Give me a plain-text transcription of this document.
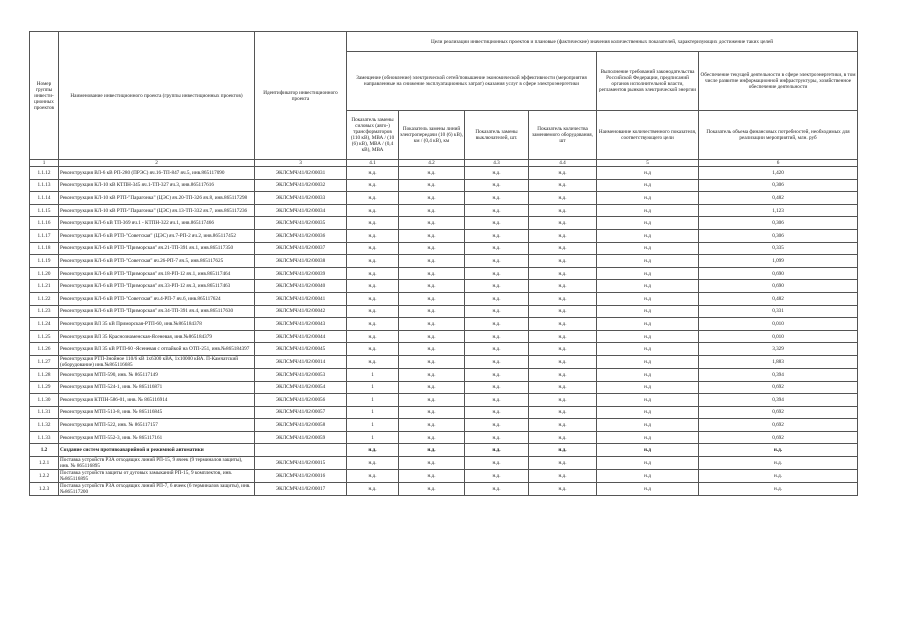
Номер группы инвести-ционных проектов	Наименование инвестиционного проекта (группы инвестиционных проектов)	Идентификатор инвестиционного проекта	Цели реализации инвестиционных проектов и плановые (фактические) значения количественных показателей, характеризующих достижение таких целей					
			Замещение (обновление) электрической сетей/повышение экономической эффективности (мероприятия направленные на снижение эксплуатационных затрат) оказания услуг в сфере электроэнергетики				Выполнение требований законодательства Российской Федерации, предписаний органов исполнительной власти, регламентов рынков электрической энергии	Обеспечение текущей деятельности в сфере электроэнергетики, в том числе развитие информационной инфраструктуры, хозяйственное обеспечение деятельности
			Показатель замены силовых (авто-) трансформаторов (110 кВ), МВА / (10 (6) кВ), МВА / (0,4 кВ), МВА	Показатель замены линий электропередачи (10 (6) кВ), км / (0,4 кВ), км	Показатель замены выключателей, шт.	Показатель количества заменяемого оборудования, шт	Наименование количественного показателя, соответствующего цели	Показатель объема финансовых потребностей, необходимых для реализации мероприятий, млн. руб
1	2	3	4.1	4.2	4.3	4.4	5	6
1.1.12	Реконструкция ВЛ-6 кВ РП-280 (ПРЭС) яч.16-ТП-847 яч.5, инв.865117090	ЭКЛСМЧ/41/02/00031	н.д.	н.д.	н.д.	н.д.	н.д	1,420
1.1.13	Реконструкция КЛ-10 кВ КТПН-345 яч.1-ТП-327 яч.3, инв.865117616	ЭКЛСМЧ/41/02/00032	н.д.	н.д.	н.д.	н.д.	н.д	0,306
1.1.14	Реконструкция КЛ-10 кВ РТП-"Парагонка" (ЦЭС) яч.20-ТП-326 яч.8, инв.865117298	ЭКЛСМЧ/41/02/00033	н.д.	н.д.	н.д.	н.д.	н.д	0,482
1.1.15	Реконструкция КЛ-10 кВ РТП-"Парагонка" (ЦЭС) яч.13-ТП-332 яч.7, инв.865117236	ЭКЛСМЧ/41/02/00034	н.д.	н.д.	н.д.	н.д.	н.д	1,123
1.1.16	Реконструкция КЛ-6 кВ ТП-369 яч.1 - КТПН-322 яч.1, инв.865117466	ЭКЛСМЧ/41/02/00035	н.д.	н.д.	н.д.	н.д.	н.д	0,306
1.1.17	Реконструкция КЛ-6 кВ РТП-"Советская" (ЦЭС) яч.7-РП-2 яч.2, инв.865117452	ЭКЛСМЧ/41/02/00036	н.д.	н.д.	н.д.	н.д.	н.д	0,306
1.1.18	Реконструкция КЛ-6 кВ РТП-"Приморская" яч.21-ТП-391 яч.1, инв.865117350	ЭКЛСМЧ/41/02/00037	н.д.	н.д.	н.д.	н.д.	н.д	0,335
1.1.19	Реконструкция КЛ-6 кВ РТП-"Советская" яч.26-РП-7 яч.5, инв.865117625	ЭКЛСМЧ/41/02/00038	н.д.	н.д.	н.д.	н.д.	н.д	1,099
1.1.20	Реконструкция КЛ-6 кВ РТП-"Приморская" яч.18-РП-12 яч.1, инв.865117464	ЭКЛСМЧ/41/02/00039	н.д.	н.д.	н.д.	н.д.	н.д	0,690
1.1.21	Реконструкция КЛ-6 кВ РТП-"Приморская" яч.33-РП-12 яч.3, инв.865117463	ЭКЛСМЧ/41/02/00040	н.д.	н.д.	н.д.	н.д.	н.д	0,690
1.1.22	Реконструкция КЛ-6 кВ РТП-"Советская" яч.4-РП-7 яч.6, инв.865117624	ЭКЛСМЧ/41/02/00041	н.д.	н.д.	н.д.	н.д.	н.д	0,482
1.1.23	Реконструкция КЛ-6 кВ РТП-"Приморская" яч.34-ТП-391 яч.4, инв.865117630	ЭКЛСМЧ/41/02/00042	н.д.	н.д.	н.д.	н.д.	н.д	0,331
1.1.24	Реконструкция ВЛ 35 кВ Приморская-РТП-60, инв.№865184378	ЭКЛСМЧ/41/02/00043	н.д.	н.д.	н.д.	н.д.	н.д	0,010
1.1.25	Реконструкция ВЛ 35 Краснознаменская-Ясеневая, инв.№865184379	ЭКЛСМЧ/41/02/00044	н.д.	н.д.	н.д.	н.д.	н.д	0,010
1.1.26	Реконструкция ВЛ 35 кВ РТП-60 -Ясеневая с отпайкой на ОТП-251, инв.№865184397	ЭКЛСМЧ/41/02/00045	н.д.	н.д.	н.д.	н.д.	н.д	3,329
1.1.27	Реконструкция РТП-Знойное 110/6 кВ 1х6300 кВА, 1х10000 кВА. П-Камчатский (оборудование) инв.№865116685	ЭКЛСМЧ/41/02/00014	н.д.	н.д.	н.д.	н.д.	н.д	1,883
1.1.28	Реконструкция МТП-590, инв. № 865117149	ЭКЛСМЧ/41/02/00053	1	н.д.	н.д.	н.д.	н.д	0,394
1.1.29	Реконструкция МТП-524-1, инв. № 865116871	ЭКЛСМЧ/41/02/00054	1	н.д.	н.д.	н.д.	н.д	0,692
1.1.30	Реконструкция КТПН-586-01, инв. № 865116914	ЭКЛСМЧ/41/02/00056	1	н.д.	н.д.	н.д.	н.д	0,394
1.1.31	Реконструкция МТП-513-8, инв. № 865116845	ЭКЛСМЧ/41/02/00057	1	н.д.	н.д.	н.д.	н.д	0,692
1.1.32	Реконструкция МТП-522, инв. № 865117157	ЭКЛСМЧ/41/02/00058	1	н.д.	н.д.	н.д.	н.д	0,692
1.1.33	Реконструкция МТП-552-3, инв. № 865117161	ЭКЛСМЧ/41/02/00059	1	н.д.	н.д.	н.д.	н.д	0,692
1.2	Создание систем противоаварийной и режимной автоматики		н.д.	н.д.	н.д.	н.д.	н.д	н.д.
1.2.1	Поставка устройств РЗА отходящих линий РП-15, 9 ячеек (9 терминалов защиты), инв. № 865116895	ЭКЛСМЧ/41/02/00015	н.д.	н.д.	н.д.	н.д.	н.д	н.д.
1.2.2	Поставка устройств защиты от дуговых замыканий РП-15, 9 комплектов, инв. №865116895	ЭКЛСМЧ/41/02/00016	н.д.	н.д.	н.д.	н.д.	н.д	н.д.
1.2.3	Поставка устройств РЗА отходящих линий РП-7, 6 ячеек (6 терминалов защиты), инв. №865117200	ЭКЛСМЧ/41/02/00017	н.д.	н.д.	н.д.	н.д.	н.д	н.д.
